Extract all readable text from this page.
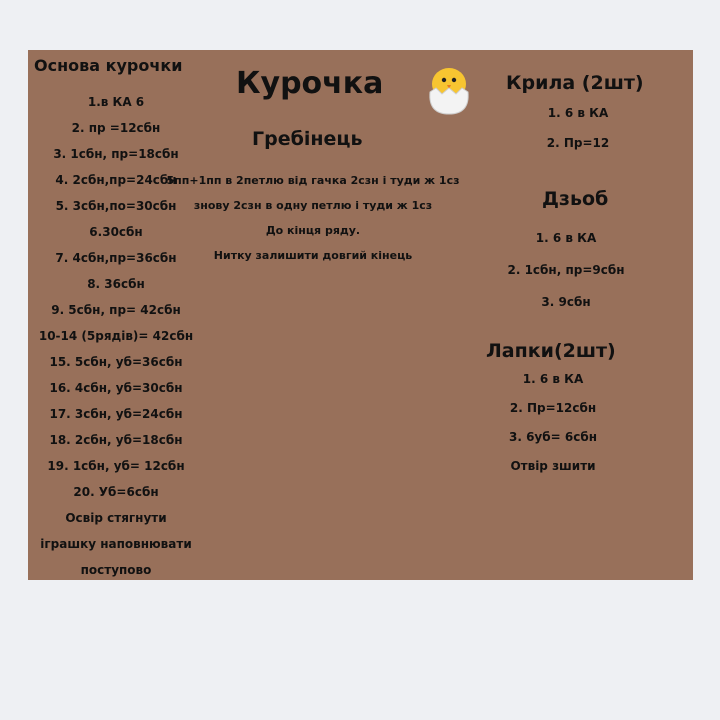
Основа курочки
1.в КА 6
2. пр =12сбн
3. 1сбн, пр=18сбн
4. 2сбн,пр=24сбн
5. 3сбн,по=30сбн
6.30сбн
7. 4сбн,пр=36сбн
8. 36сбн
9. 5сбн, пр= 42сбн
10-14 (5рядів)= 42сбн
15. 5сбн, уб=36сбн
16. 4сбн, уб=30сбн
17. 3сбн, уб=24сбн
18. 2сбн, уб=18сбн
19. 1сбн, уб= 12сбн
20. Уб=6сбн
Освір стягнути
іграшку наповнювати
поступово
Курочка
Гребінець
5пп+1пп в 2петлю від гачка 2сзн і туди ж 1сз
знову 2сзн в одну петлю і туди ж 1сз
До кінця ряду.
Нитку залишити довгий кінець
Крила (2шт)
1. 6 в КА
2. Пр=12
Дзьоб
1. 6 в КА
2. 1сбн, пр=9сбн
3. 9сбн
Лапки(2шт)
1. 6 в КА
2. Пр=12сбн
3. 6уб= 6сбн
Отвір зшити
